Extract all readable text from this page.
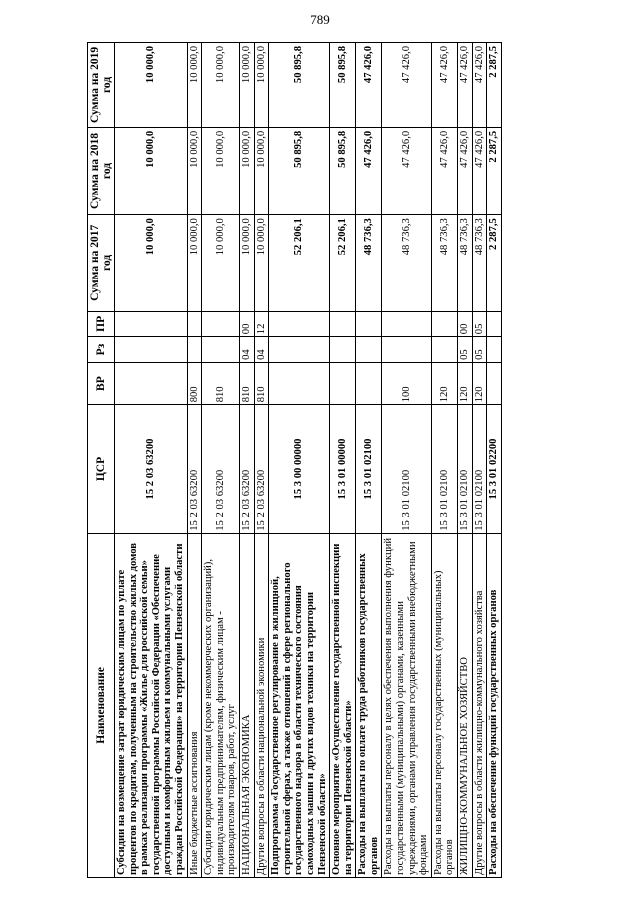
789
Наименование	ЦСР	ВР	Рз	ПР	Сумма на 2017 год	Сумма на 2018 год	Сумма на 2019 год
Субсидии на возмещение затрат юридическим лицам по уплате процентов по кредитам, полученным на строительство жилых домов в рамках реализации программы «Жилье для российской семьи» государственной программы Российской Федерации «Обеспечение доступным и комфортным жильем и коммунальными услугами граждан Российской Федерации» на территории Пензенской области	15 2 03 63200				10 000,0	10 000,0	10 000,0
Иные бюджетные ассигнования	15 2 03 63200	800			10 000,0	10 000,0	10 000,0
Субсидии юридическим лицам (кроме некоммерческих организаций), индивидуальным предпринимателям, физическим лицам - производителям товаров, работ, услуг	15 2 03 63200	810			10 000,0	10 000,0	10 000,0
НАЦИОНАЛЬНАЯ ЭКОНОМИКА	15 2 03 63200	810	04	00	10 000,0	10 000,0	10 000,0
Другие вопросы в области национальной экономики	15 2 03 63200	810	04	12	10 000,0	10 000,0	10 000,0
Подпрограмма «Государственное регулирование в жилищной, строительной сферах, а также отношений в сфере регионального государственного надзора в области технического состояния самоходных машин и других видов техники на территории Пензенской области»	15 3 00 00000				52 206,1	50 895,8	50 895,8
Основное мероприятие «Осуществление государственной инспекции на территории Пензенской области»	15 3 01 00000				52 206,1	50 895,8	50 895,8
Расходы на выплаты по оплате труда работников государственных органов	15 3 01 02100				48 736,3	47 426,0	47 426,0
Расходы на выплаты персоналу в целях обеспечения выполнения функций государственными (муниципальными) органами, казенными учреждениями, органами управления государственными внебюджетными фондами	15 3 01 02100	100			48 736,3	47 426,0	47 426,0
Расходы на выплаты персоналу государственных (муниципальных) органов	15 3 01 02100	120			48 736,3	47 426,0	47 426,0
ЖИЛИЩНО-КОММУНАЛЬНОЕ ХОЗЯЙСТВО	15 3 01 02100	120	05	00	48 736,3	47 426,0	47 426,0
Другие вопросы в области жилищно-коммунального хозяйства	15 3 01 02100	120	05	05	48 736,3	47 426,0	47 426,0
Расходы на обеспечение функций государственных органов	15 3 01 02200				2 287,5	2 287,5	2 287,5
